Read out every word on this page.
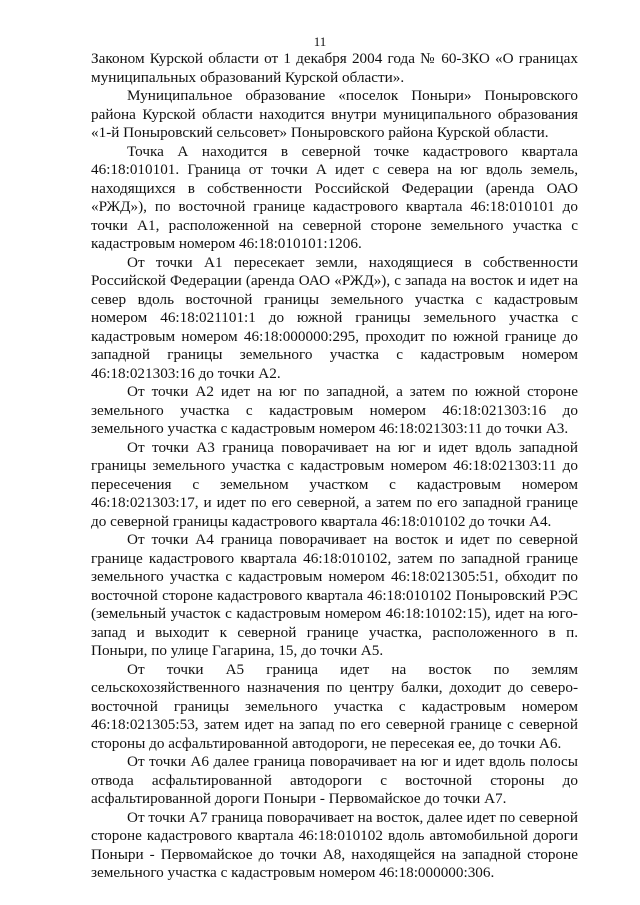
11

Законом Курской области от 1 декабря 2004 года № 60-ЗКО «О границах муниципальных образований Курской области».

Муниципальное образование «поселок Поныри» Поныровского района Курской области находится внутри муниципального образования «1-й Поныровский сельсовет» Поныровского района Курской области.

Точка А находится в северной точке кадастрового квартала 46:18:010101. Граница от точки А идет с севера на юг вдоль земель, находящихся в собственности Российской Федерации (аренда ОАО «РЖД»), по восточной границе кадастрового квартала 46:18:010101 до точки А1, расположенной на северной стороне земельного участка с кадастровым номером 46:18:010101:1206.

От точки А1 пересекает земли, находящиеся в собственности Российской Федерации (аренда ОАО «РЖД»), с запада на восток и идет на север вдоль восточной границы земельного участка с кадастровым номером 46:18:021101:1 до южной границы земельного участка с кадастровым номером 46:18:000000:295, проходит по южной границе до западной границы земельного участка с кадастровым номером 46:18:021303:16 до точки А2.

От точки А2 идет на юг по западной, а затем по южной стороне земельного участка с кадастровым номером 46:18:021303:16 до земельного участка с кадастровым номером 46:18:021303:11 до точки А3.

От точки А3 граница поворачивает на юг и идет вдоль западной границы земельного участка с кадастровым номером 46:18:021303:11 до пересечения с земельном участком с кадастровым номером 46:18:021303:17, и идет по его северной, а затем по его западной границе до северной границы кадастрового квартала 46:18:010102 до точки А4.

От точки А4 граница поворачивает на восток и идет по северной границе кадастрового квартала 46:18:010102, затем по западной границе земельного участка с кадастровым номером 46:18:021305:51, обходит по восточной стороне кадастрового квартала 46:18:010102 Поныровский РЭС (земельный участок с кадастровым номером 46:18:10102:15), идет на юго-запад и выходит к северной границе участка, расположенного в п. Поныри, по улице Гагарина, 15, до точки А5.

От точки А5 граница идет на восток по землям сельскохозяйственного назначения по центру балки, доходит до северо-восточной границы земельного участка с кадастровым номером 46:18:021305:53, затем идет на запад по его северной границе с северной стороны до асфальтированной автодороги, не пересекая ее, до точки А6.

От точки А6 далее граница поворачивает на юг и идет вдоль полосы отвода асфальтированной автодороги с восточной стороны до асфальтированной дороги Поныри - Первомайское до точки А7.

От точки А7 граница поворачивает на восток, далее идет по северной стороне кадастрового квартала 46:18:010102 вдоль автомобильной дороги Поныри - Первомайское до точки А8, находящейся на западной стороне земельного участка с кадастровым номером 46:18:000000:306.
